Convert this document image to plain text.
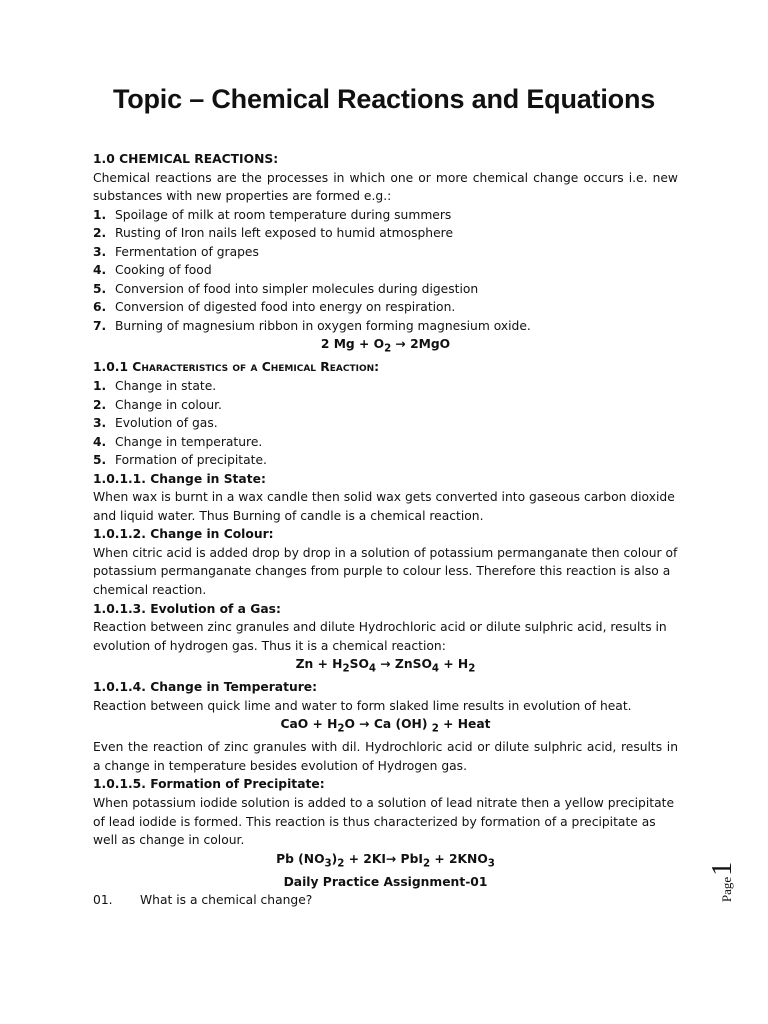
Topic – Chemical Reactions and Equations

1.0 CHEMICAL REACTIONS:

Chemical reactions are the processes in which one or more chemical change occurs i.e. new substances with new properties are formed e.g.:

1. Spoilage of milk at room temperature during summers
2. Rusting of Iron nails left exposed to humid atmosphere
3. Fermentation of grapes
4. Cooking of food
5. Conversion of food into simpler molecules during digestion
6. Conversion of digested food into energy on respiration.
7. Burning of magnesium ribbon in oxygen forming magnesium oxide.

2 $Mg + O_2 \to 2MgO$

1.0.1 Characteristics of a Chemical Reaction:

1. Change in state.
2. Change in colour.
3. Evolution of gas.
4. Change in temperature.
5. Formation of precipitate.

1.0.1.1. Change in State:

When wax is burnt in a wax candle then solid wax gets converted into gaseous carbon dioxide and liquid water. Thus Burning of candle is a chemical reaction.

1.0.1.2. Change in Colour:

When citric acid is added drop by drop in a solution of potassium permanganate then colour of potassium permanganate changes from purple to colour less. Therefore this reaction is also a chemical reaction.

1.0.1.3. Evolution of a Gas:

Reaction between zinc granules and dilute Hydrochloric acid or dilute sulphric acid, results in evolution of hydrogen gas. Thus it is a chemical reaction:

$Zn + H_2SO_4$ → ZnSO$_4$ + $H_2$

1.0.1.4. Change in Temperature:

Reaction between quick lime and water to form slaked lime results in evolution of heat.

CaO + $H_2O \to Ca$ (OH) $_2$ + Heat

Even the reaction of zinc granules with dil. Hydrochloric acid or dilute sulphric acid, results in a change in temperature besides evolution of Hydrogen gas.

1.0.1.5. Formation of Precipitate:

When potassium iodide solution is added to a solution of lead nitrate then a yellow precipitate of lead iodide is formed. This reaction is thus characterized by formation of a precipitate as well as change in colour.

Pb $(NO_3)_2 + 2KI\to PbI_2 + 2KNO_3$

Daily Practice Assignment-01

01.	What is a chemical change?	Page
1
